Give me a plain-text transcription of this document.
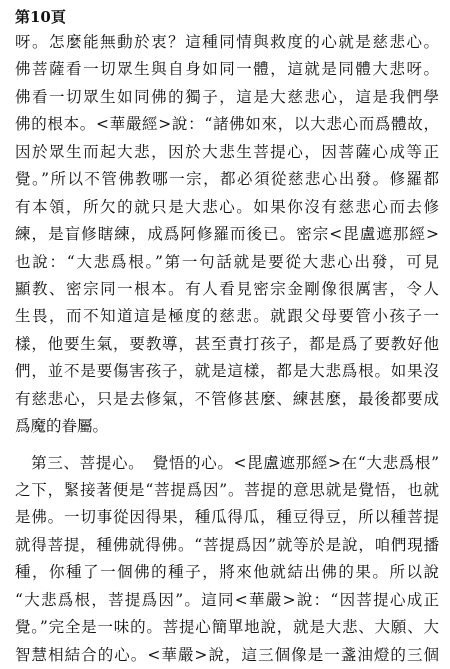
第10頁
呀。怎麼能無動於衷？這種同情與救度的心就是慈悲心。
佛菩薩看一切眾生與自身如同一體，這就是同體大悲呀。
佛看一切眾生如同佛的獨子，這是大慈悲心，這是我們學
佛的根本。<華嚴經>說：“諸佛如來，以大悲心而爲體故，
因於眾生而起大悲，因於大悲生菩提心，因菩薩心成等正
覺。”所以不管佛教哪一宗，都必須從慈悲心出發。修羅都
有本領，所欠的就只是大悲心。如果你沒有慈悲心而去修
練，是盲修瞎練，成爲阿修羅而後已。密宗<毘盧遮那經>
也說：“大悲爲根。”第一句話就是要從大悲心出發，可見
顯教、密宗同一根本。有人看見密宗金剛像很厲害，令人
生畏，而不知道這是極度的慈悲。就跟父母要管小孩子一
樣，他要生氣，要教導，甚至責打孩子，都是爲了要教好他
們，並不是要傷害孩子，就是這樣，都是大悲爲根。如果沒
有慈悲心，只是去修氣，不管修甚麼、練甚麼，最後都要成
爲魔的眷屬。
　第三、菩提心。　覺悟的心。<毘盧遮那經>在“大悲爲根”
之下，緊接著便是“菩提爲因”。菩提的意思就是覺悟，也就
是佛。一切事從因得果，種瓜得瓜，種豆得豆，所以種菩提
就得菩提，種佛就得佛。“菩提爲因”就等於是說，咱們現播
種，你種了一個佛的種子，將來他就結出佛的果。所以說
“大悲爲根，菩提爲因”。這同<華嚴>說：“因菩提心成正
覺。”完全是一味的。菩提心簡單地說，就是大悲、大願、大
智慧相結合的心。<華嚴>說，這三個像是一盞油燈的三個
